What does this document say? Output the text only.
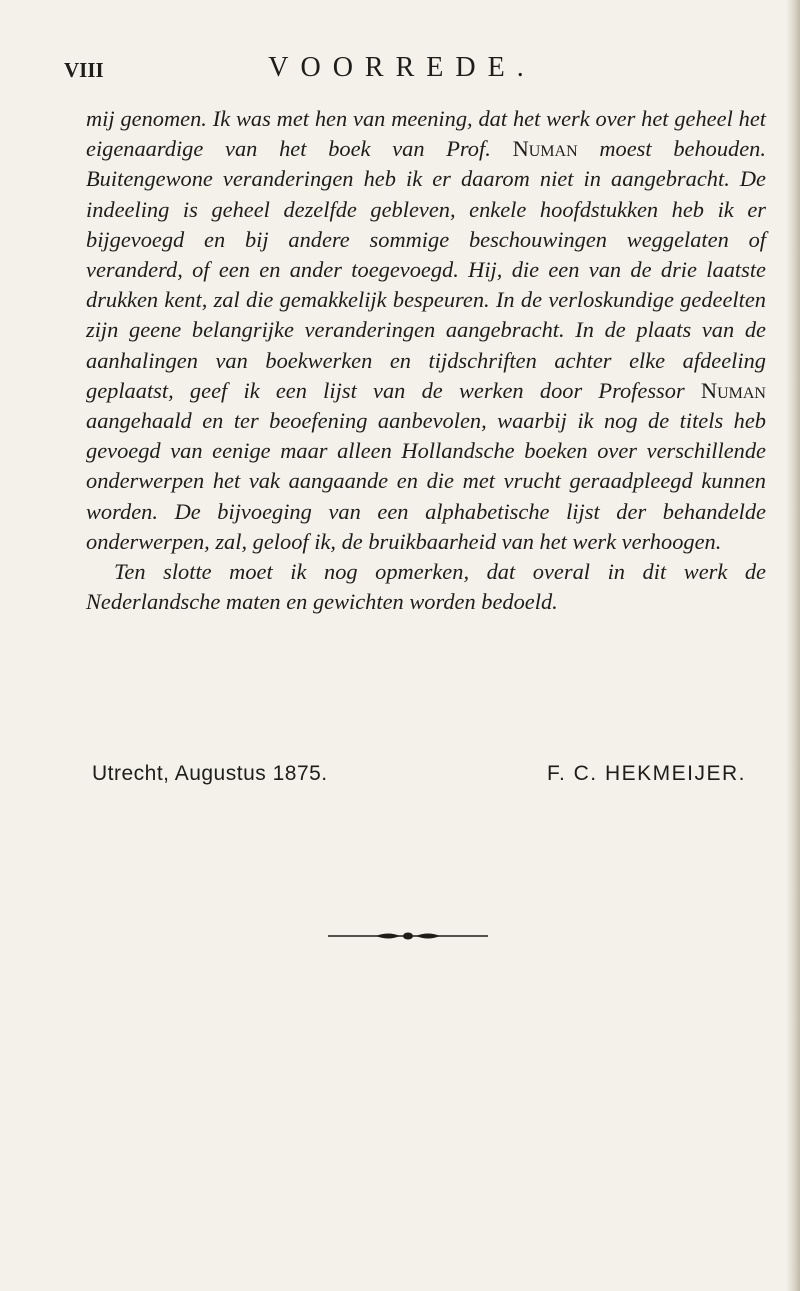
VIII	VOORREDE.

mij genomen. Ik was met hen van meening, dat het werk over het geheel het eigenaardige van het boek van Prof. Numan moest behouden. Buitengewone veranderingen heb ik er daarom niet in aangebracht. De indeeling is geheel dezelfde gebleven, enkele hoofdstukken heb ik er bijgevoegd en bij andere sommige beschouwingen weggelaten of veranderd, of een en ander toegevoegd. Hij, die een van de drie laatste drukken kent, zal die gemakkelijk bespeuren. In de verloskundige gedeelten zijn geene belangrijke veranderingen aangebracht. In de plaats van de aanhalingen van boekwerken en tijdschriften achter elke afdeeling geplaatst, geef ik een lijst van de werken door Professor Numan aangehaald en ter beoefening aanbevolen, waarbij ik nog de titels heb gevoegd van eenige maar alleen Hollandsche boeken over verschillende onderwerpen het vak aangaande en die met vrucht geraadpleegd kunnen worden. De bijvoeging van een alphabetische lijst der behandelde onderwerpen, zal, geloof ik, de bruikbaarheid van het werk verhoogen.

Ten slotte moet ik nog opmerken, dat overal in dit werk de Nederlandsche maten en gewichten worden bedoeld.

Utrecht, Augustus 1875.	F. C. HEKMEIJER.
